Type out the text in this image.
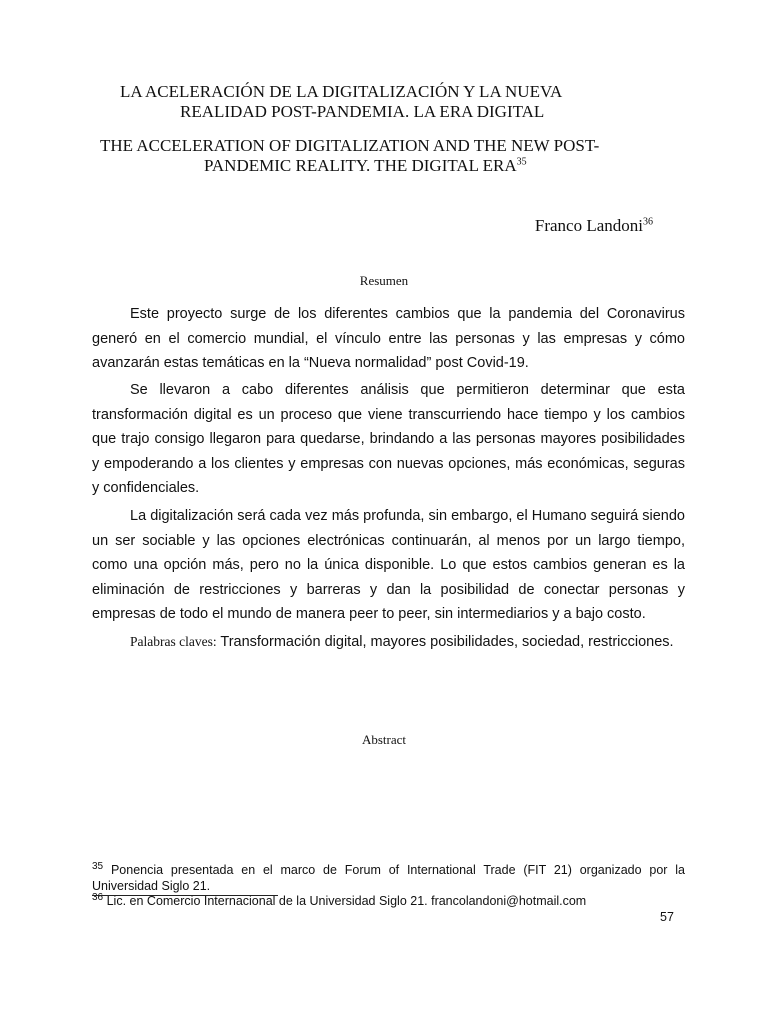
LA ACELERACIÓN DE LA DIGITALIZACIÓN Y LA NUEVA
REALIDAD POST-PANDEMIA. LA ERA DIGITAL
THE ACCELERATION OF DIGITALIZATION AND THE NEW POST-
PANDEMIC REALITY. THE DIGITAL ERA$^{35}$
Franco Landoni$^{36}$
Resumen

Este proyecto surge de los diferentes cambios que la pandemia del Coronavirus generó en el comercio mundial, el vínculo entre las personas y las empresas y cómo avanzarán estas temáticas en la “Nueva normalidad” post Covid-19.

Se llevaron a cabo diferentes análisis que permitieron determinar que esta transformación digital es un proceso que viene transcurriendo hace tiempo y los cambios que trajo consigo llegaron para quedarse, brindando a las personas mayores posibilidades y empoderando a los clientes y empresas con nuevas opciones, más económicas, seguras y confidenciales.

La digitalización será cada vez más profunda, sin embargo, el Humano seguirá siendo un ser sociable y las opciones electrónicas continuarán, al menos por un largo tiempo, como una opción más, pero no la única disponible. Lo que estos cambios generan es la eliminación de restricciones y barreras y dan la posibilidad de conectar personas y empresas de todo el mundo de manera peer to peer, sin intermediarios y a bajo costo.

Palabras claves: Transformación digital, mayores posibilidades, sociedad, restricciones.

Abstract

$^{35}$ Ponencia presentada en el marco de Forum of International Trade (FIT 21) organizado por la Universidad Siglo 21.

$^{36}$ Lic. en Comercio Internacional de la Universidad Siglo 21. francolandoni@hotmail.com

57
